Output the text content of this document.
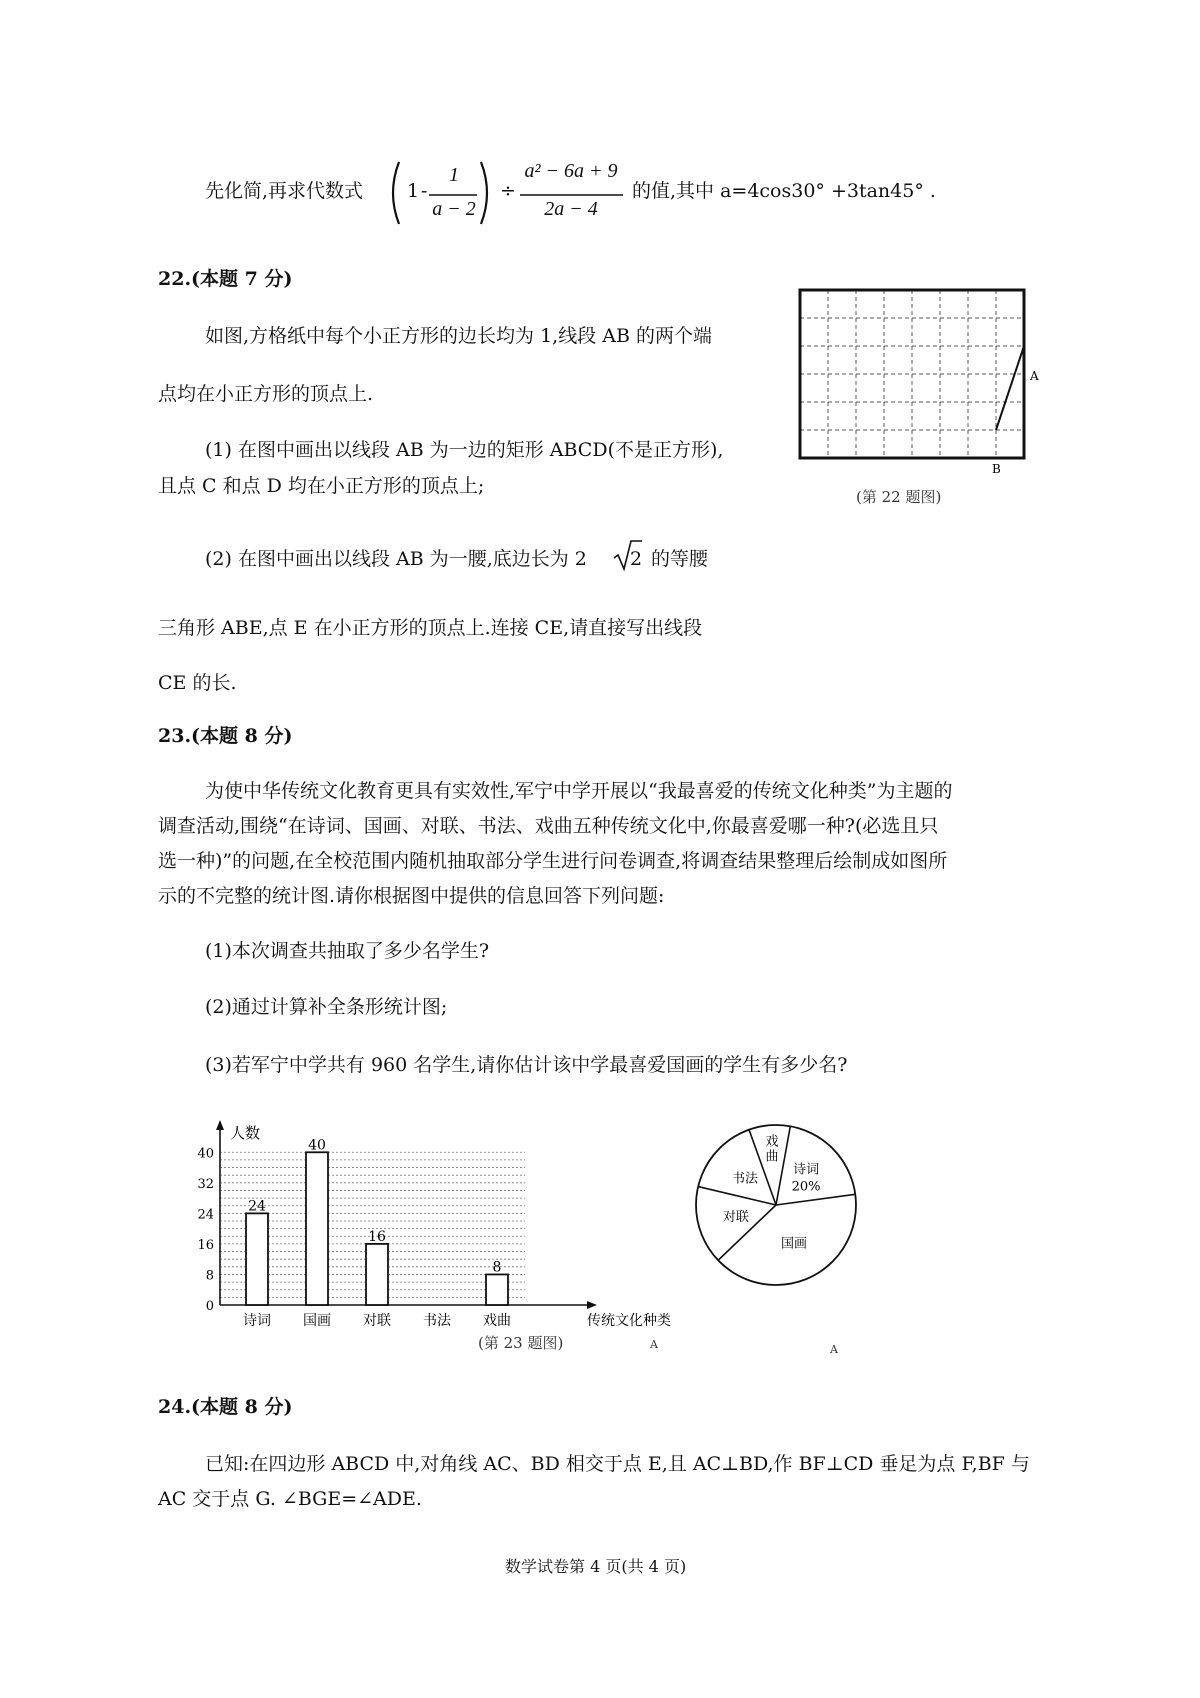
先化简,再求代数式 1 -
1
a − 2
÷
a² − 6a + 9
2a − 4
的值,其中 a=4cos30° +3tan45° .
22.(本题 7 分)
如图,方格纸中每个小正方形的边长均为 1,线段 AB 的两个端
点均在小正方形的顶点上.
(1) 在图中画出以线段 AB 为一边的矩形 ABCD(不是正方形),
且点 C 和点 D 均在小正方形的顶点上;
(2) 在图中画出以线段 AB 为一腰,底边长为 2 2 的等腰
三角形 ABE,点 E 在小正方形的顶点上.连接 CE,请直接写出线段
CE 的长.
A
B
(第 22 题图)
23.(本题 8 分)
为使中华传统文化教育更具有实效性,军宁中学开展以“我最喜爱的传统文化种类”为主题的
调查活动,围绕“在诗词、国画、对联、书法、戏曲五种传统文化中,你最喜爱哪一种?(必选且只
选一种)”的问题,在全校范围内随机抽取部分学生进行问卷调查,将调查结果整理后绘制成如图所
示的不完整的统计图.请你根据图中提供的信息回答下列问题:
(1)本次调查共抽取了多少名学生?
(2)通过计算补全条形统计图;
(3)若军宁中学共有 960 名学生,请你估计该中学最喜爱国画的学生有多少名?
人数
0
8
16
24
32
40
24
诗词
40
国画
16
对联 书法
8
戏曲	传统文化种类
(第 23 题图)	A
诗词
20%
国画
对联
书法
戏
曲
A
24.(本题 8 分)
已知:在四边形 ABCD 中,对角线 AC、BD 相交于点 E,且 AC⊥BD,作 BF⊥CD 垂足为点 F,BF 与
AC 交于点 G. ∠BGE=∠ADE.
数学试卷第 4 页(共 4 页)
